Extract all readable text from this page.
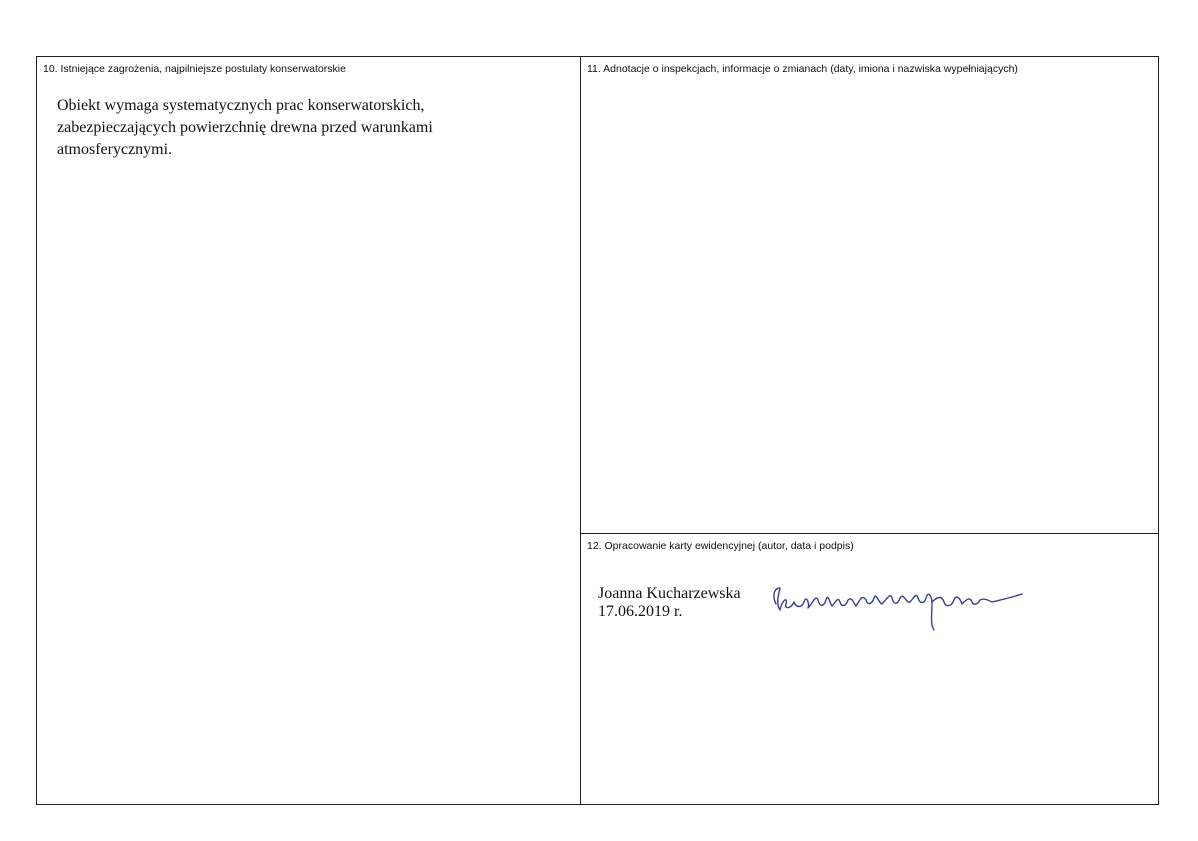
10. Istniejące zagrożenia, najpilniejsze postulaty konserwatorskie
Obiekt wymaga systematycznych prac konserwatorskich,
zabezpieczających powierzchnię drewna przed warunkami
atmosferycznymi.
11. Adnotacje o inspekcjach, informacje o zmianach (daty, imiona i nazwiska wypełniających)
12. Opracowanie karty ewidencyjnej (autor, data i podpis)
Joanna Kucharzewska
17.06.2019 r.
